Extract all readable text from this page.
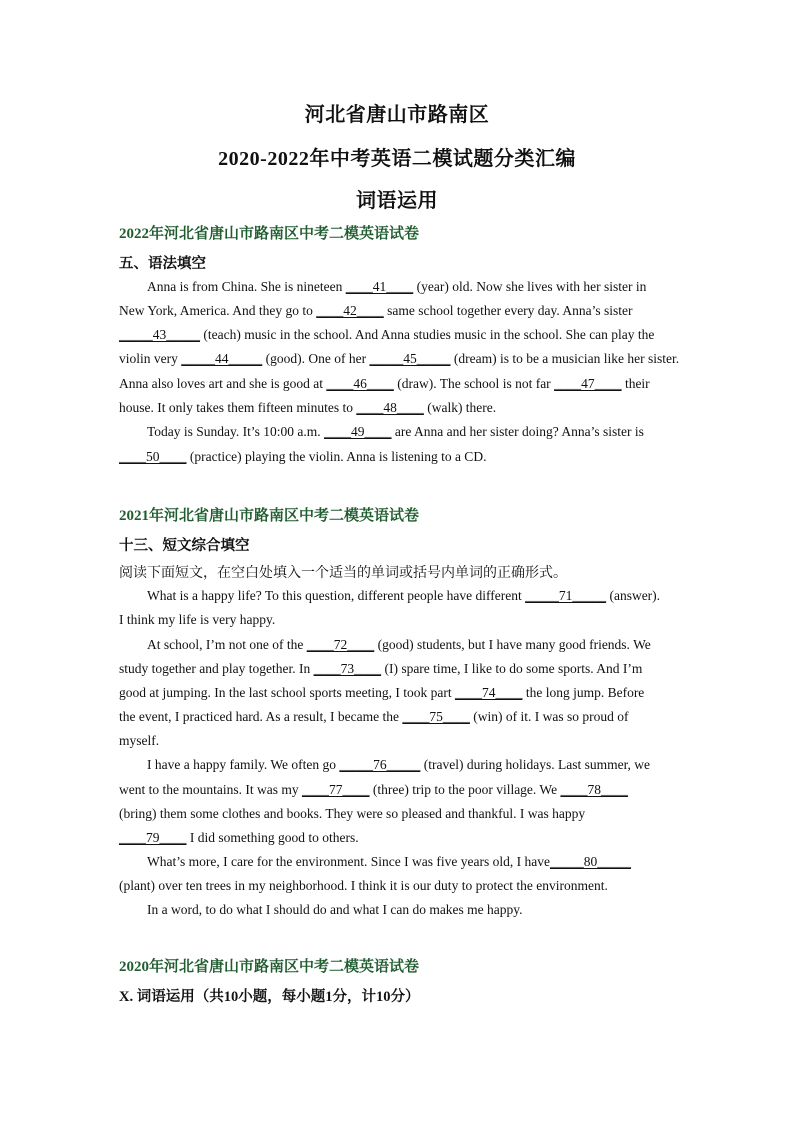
河北省唐山市路南区
2020-2022年中考英语二模试题分类汇编
词语运用
2022年河北省唐山市路南区中考二模英语试卷
五、语法填空
Anna is from China. She is nineteen ____41____ (year) old. Now she lives with her sister in
New York, America. And they go to ____42____ same school together every day. Anna’s sister
_____43_____ (teach) music in the school. And Anna studies music in the school. She can play the
violin very _____44_____ (good). One of her _____45_____ (dream) is to be a musician like her sister.
Anna also loves art and she is good at ____46____ (draw). The school is not far ____47____ their
house. It only takes them fifteen minutes to ____48____ (walk) there.
Today is Sunday. It’s 10:00 a.m. ____49____ are Anna and her sister doing? Anna’s sister is
____50____ (practice) playing the violin. Anna is listening to a CD.
2021年河北省唐山市路南区中考二模英语试卷
十三、短文综合填空
阅读下面短文，在空白处填入一个适当的单词或括号内单词的正确形式。
What is a happy life? To this question, different people have different _____71_____ (answer).
I think my life is very happy.
At school, I’m not one of the ____72____ (good) students, but I have many good friends. We
study together and play together. In ____73____ (I) spare time, I like to do some sports. And I’m
good at jumping. In the last school sports meeting, I took part ____74____ the long jump. Before
the event, I practiced hard. As a result, I became the ____75____ (win) of it. I was so proud of
myself.
I have a happy family. We often go _____76_____ (travel) during holidays. Last summer, we
went to the mountains. It was my ____77____ (three) trip to the poor village. We ____78____
(bring) them some clothes and books. They were so pleased and thankful. I was happy
____79____ I did something good to others.
What’s more, I care for the environment. Since I was five years old, I have_____80_____
(plant) over ten trees in my neighborhood. I think it is our duty to protect the environment.
In a word, to do what I should do and what I can do makes me happy.
2020年河北省唐山市路南区中考二模英语试卷
X. 词语运用（共10小题，每小题1分，计10分）
